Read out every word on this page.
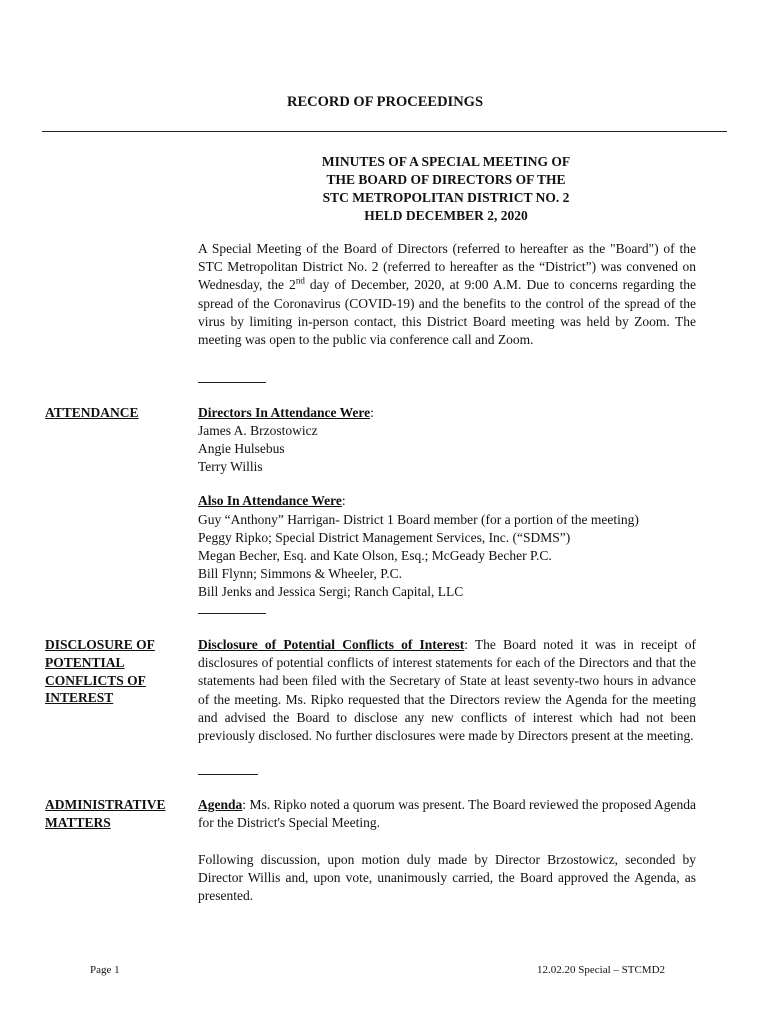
RECORD OF PROCEEDINGS
MINUTES OF A SPECIAL MEETING OF
THE BOARD OF DIRECTORS OF THE
STC METROPOLITAN DISTRICT NO. 2
HELD DECEMBER 2, 2020
A Special Meeting of the Board of Directors (referred to hereafter as the "Board") of the STC Metropolitan District No. 2 (referred to hereafter as the “District”) was convened on Wednesday, the 2nd day of December, 2020, at 9:00 A.M. Due to concerns regarding the spread of the Coronavirus (COVID-19) and the benefits to the control of the spread of the virus by limiting in-person contact, this District Board meeting was held by Zoom. The meeting was open to the public via conference call and Zoom.
ATTENDANCE	Directors In Attendance Were:
James A. Brzostowicz
Angie Hulsebus
Terry Willis
Also In Attendance Were:
Guy “Anthony” Harrigan- District 1 Board member (for a portion of the meeting)
Peggy Ripko; Special District Management Services, Inc. (“SDMS”)
Megan Becher, Esq. and Kate Olson, Esq.; McGeady Becher P.C.
Bill Flynn; Simmons & Wheeler, P.C.
Bill Jenks and Jessica Sergi; Ranch Capital, LLC
DISCLOSURE OF
POTENTIAL
CONFLICTS OF
INTEREST
Disclosure of Potential Conflicts of Interest: The Board noted it was in receipt of disclosures of potential conflicts of interest statements for each of the Directors and that the statements had been filed with the Secretary of State at least seventy-two hours in advance of the meeting. Ms. Ripko requested that the Directors review the Agenda for the meeting and advised the Board to disclose any new conflicts of interest which had not been previously disclosed. No further disclosures were made by Directors present at the meeting.
ADMINISTRATIVE
MATTERS
Agenda: Ms. Ripko noted a quorum was present. The Board reviewed the proposed Agenda for the District's Special Meeting.
Following discussion, upon motion duly made by Director Brzostowicz, seconded by Director Willis and, upon vote, unanimously carried, the Board approved the Agenda, as presented.
Page 1	12.02.20 Special – STCMD2
